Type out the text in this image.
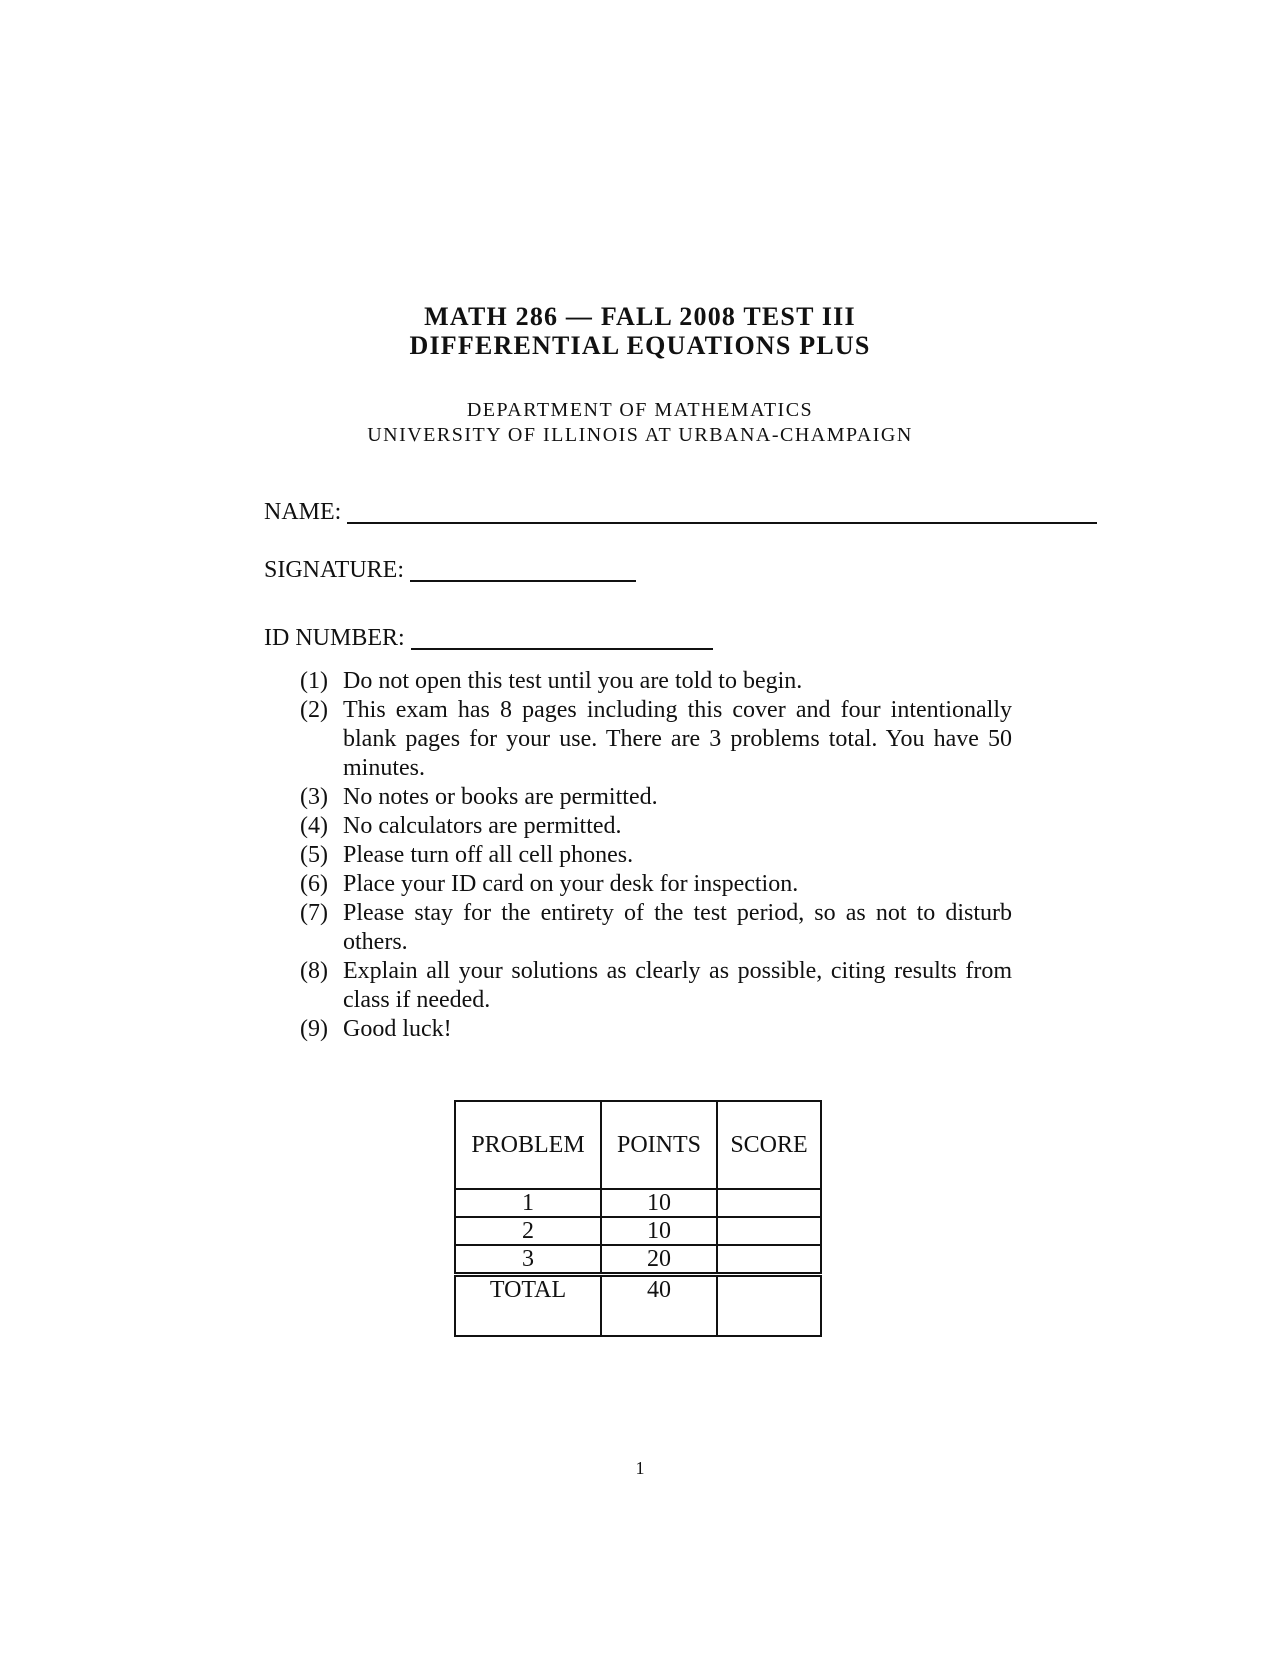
MATH 286 — FALL 2008 TEST III
DIFFERENTIAL EQUATIONS PLUS
DEPARTMENT OF MATHEMATICS
UNIVERSITY OF ILLINOIS AT URBANA-CHAMPAIGN
NAME:
SIGNATURE:
ID NUMBER:
(1) Do not open this test until you are told to begin.
(2) This exam has 8 pages including this cover and four intentionally blank pages for your use. There are 3 problems total. You have 50 minutes.
(3) No notes or books are permitted.
(4) No calculators are permitted.
(5) Please turn off all cell phones.
(6) Place your ID card on your desk for inspection.
(7) Please stay for the entirety of the test period, so as not to disturb others.
(8) Explain all your solutions as clearly as possible, citing results from class if needed.
(9) Good luck!
PROBLEM	POINTS	SCORE
1	10	
2	10	
3	20	
TOTAL	40	
1
